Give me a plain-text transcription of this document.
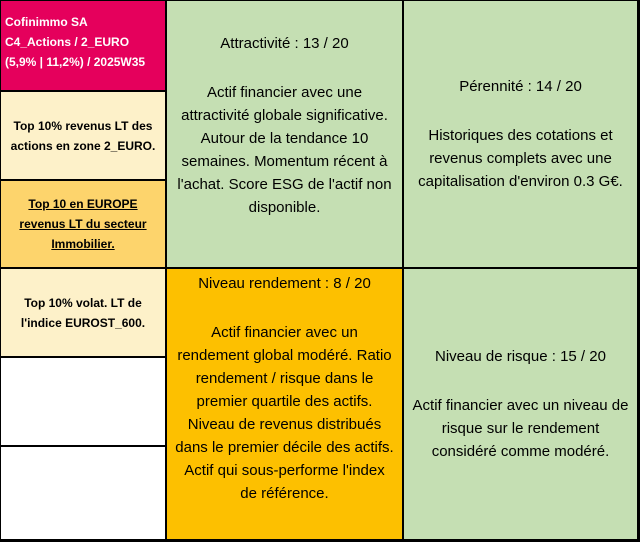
Cofinimmo SA
C4_Actions / 2_EURO
(5,9% | 11,2%) / 2025W35
Top 10% revenus LT des actions en zone 2_EURO.
Top 10 en EUROPE revenus LT du secteur Immobilier.
Top 10% volat. LT de l'indice EUROST_600.
Attractivité : 13 / 20
Actif financier avec une attractivité globale significative. Autour de la tendance 10 semaines. Momentum récent à l'achat. Score ESG de l'actif non disponible.
Pérennité : 14 / 20
Historiques des cotations et revenus complets avec une capitalisation d'environ 0.3 G€.
Niveau rendement : 8 / 20
Actif financier avec un rendement global modéré. Ratio rendement / risque dans le premier quartile des actifs. Niveau de revenus distribués dans le premier décile des actifs. Actif qui sous-performe l'index de référence.
Niveau de risque : 15 / 20
Actif financier avec un niveau de risque sur le rendement considéré comme modéré.
